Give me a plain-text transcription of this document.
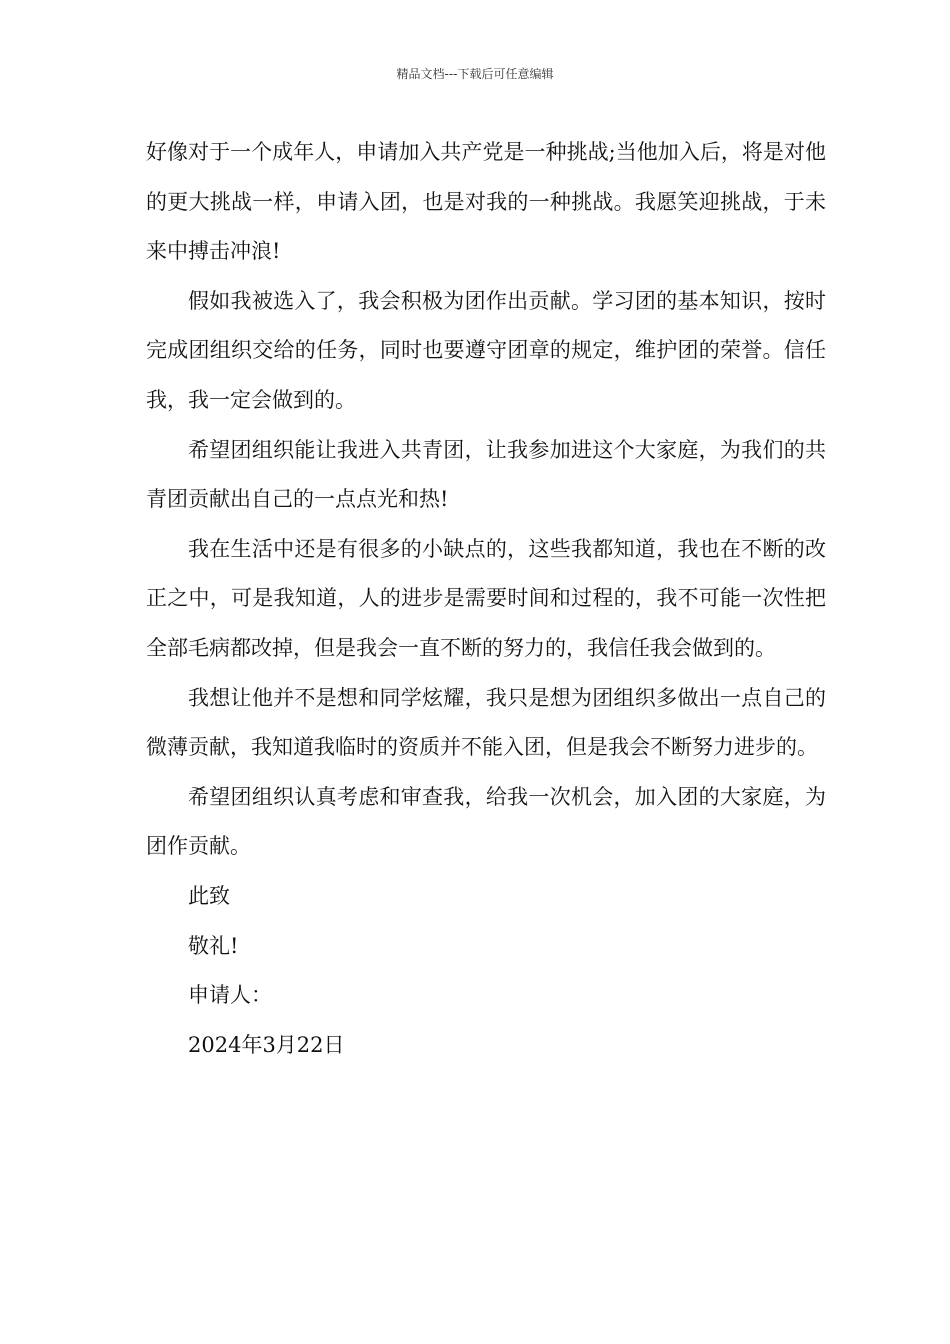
精品文档---下载后可任意编辑

好像对于一个成年人，申请加入共产党是一种挑战;当他加入后，将是对他的更大挑战一样，申请入团，也是对我的一种挑战。我愿笑迎挑战，于未来中搏击冲浪!

假如我被选入了，我会积极为团作出贡献。学习团的基本知识，按时完成团组织交给的任务，同时也要遵守团章的规定，维护团的荣誉。信任我，我一定会做到的。

希望团组织能让我进入共青团，让我参加进这个大家庭，为我们的共青团贡献出自己的一点点光和热!

我在生活中还是有很多的小缺点的，这些我都知道，我也在不断的改正之中，可是我知道，人的进步是需要时间和过程的，我不可能一次性把全部毛病都改掉，但是我会一直不断的努力的，我信任我会做到的。

我想让他并不是想和同学炫耀，我只是想为团组织多做出一点自己的微薄贡献，我知道我临时的资质并不能入团，但是我会不断努力进步的。

希望团组织认真考虑和审查我，给我一次机会，加入团的大家庭，为团作贡献。

此致

敬礼!

申请人：

2024年3月22日
